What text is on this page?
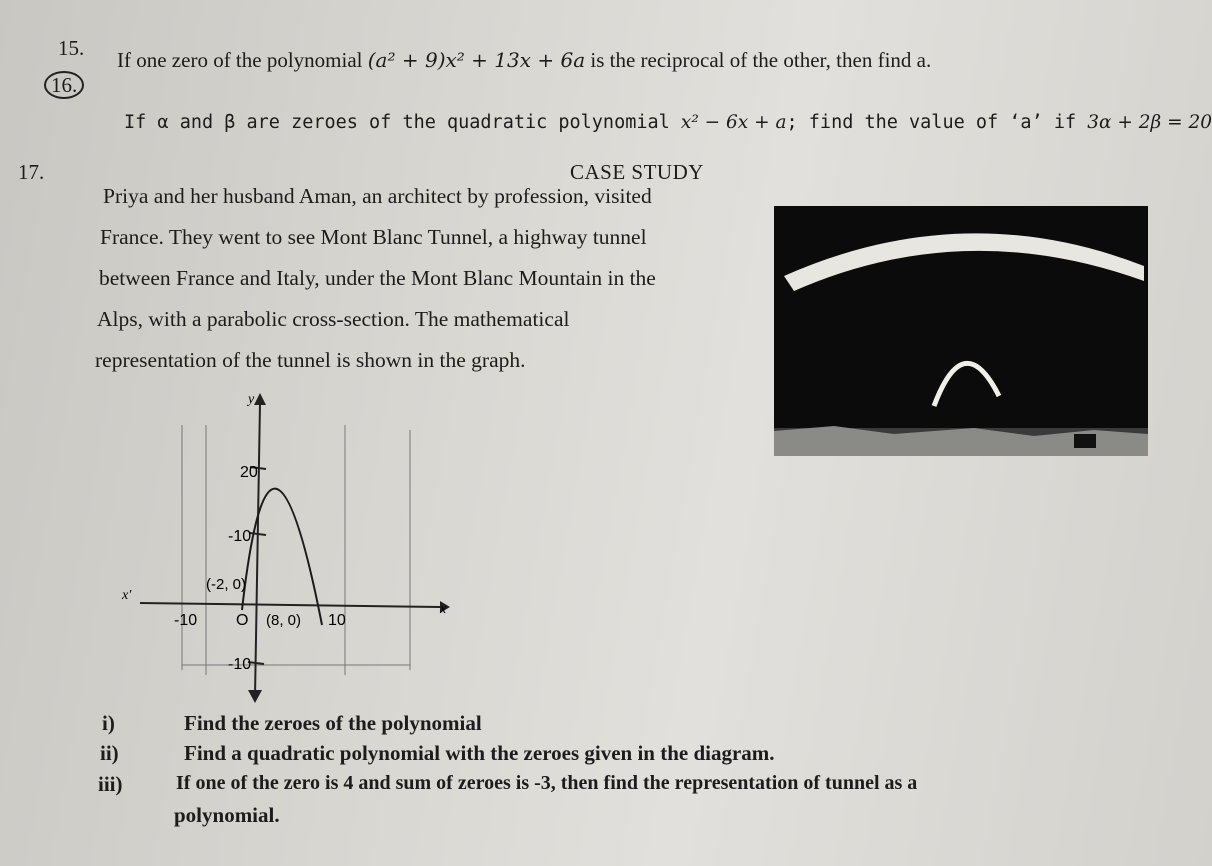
15. If one zero of the polynomial (a² + 9)x² + 13x + 6a is the reciprocal of the other, then find a.
16.
If α and β are zeroes of the quadratic polynomial x² − 6x + a; find the value of ‘a’ if 3α + 2β = 20
17.	CASE STUDY
Priya and her husband Aman, an architect by profession, visited
France. They went to see Mont Blanc Tunnel, a highway tunnel
between France and Italy, under the Mont Blanc Mountain in the
Alps, with a parabolic cross-section. The mathematical
representation of the tunnel is shown in the graph.
y
x
x′
20
-10
-10
-10 O	10
(-2, 0)
(8, 0)
i)	Find the zeroes of the polynomial
ii)	Find a quadratic polynomial with the zeroes given in the diagram.
iii)	If one of the zero is 4 and sum of zeroes is -3, then find the representation of tunnel as a
polynomial.
